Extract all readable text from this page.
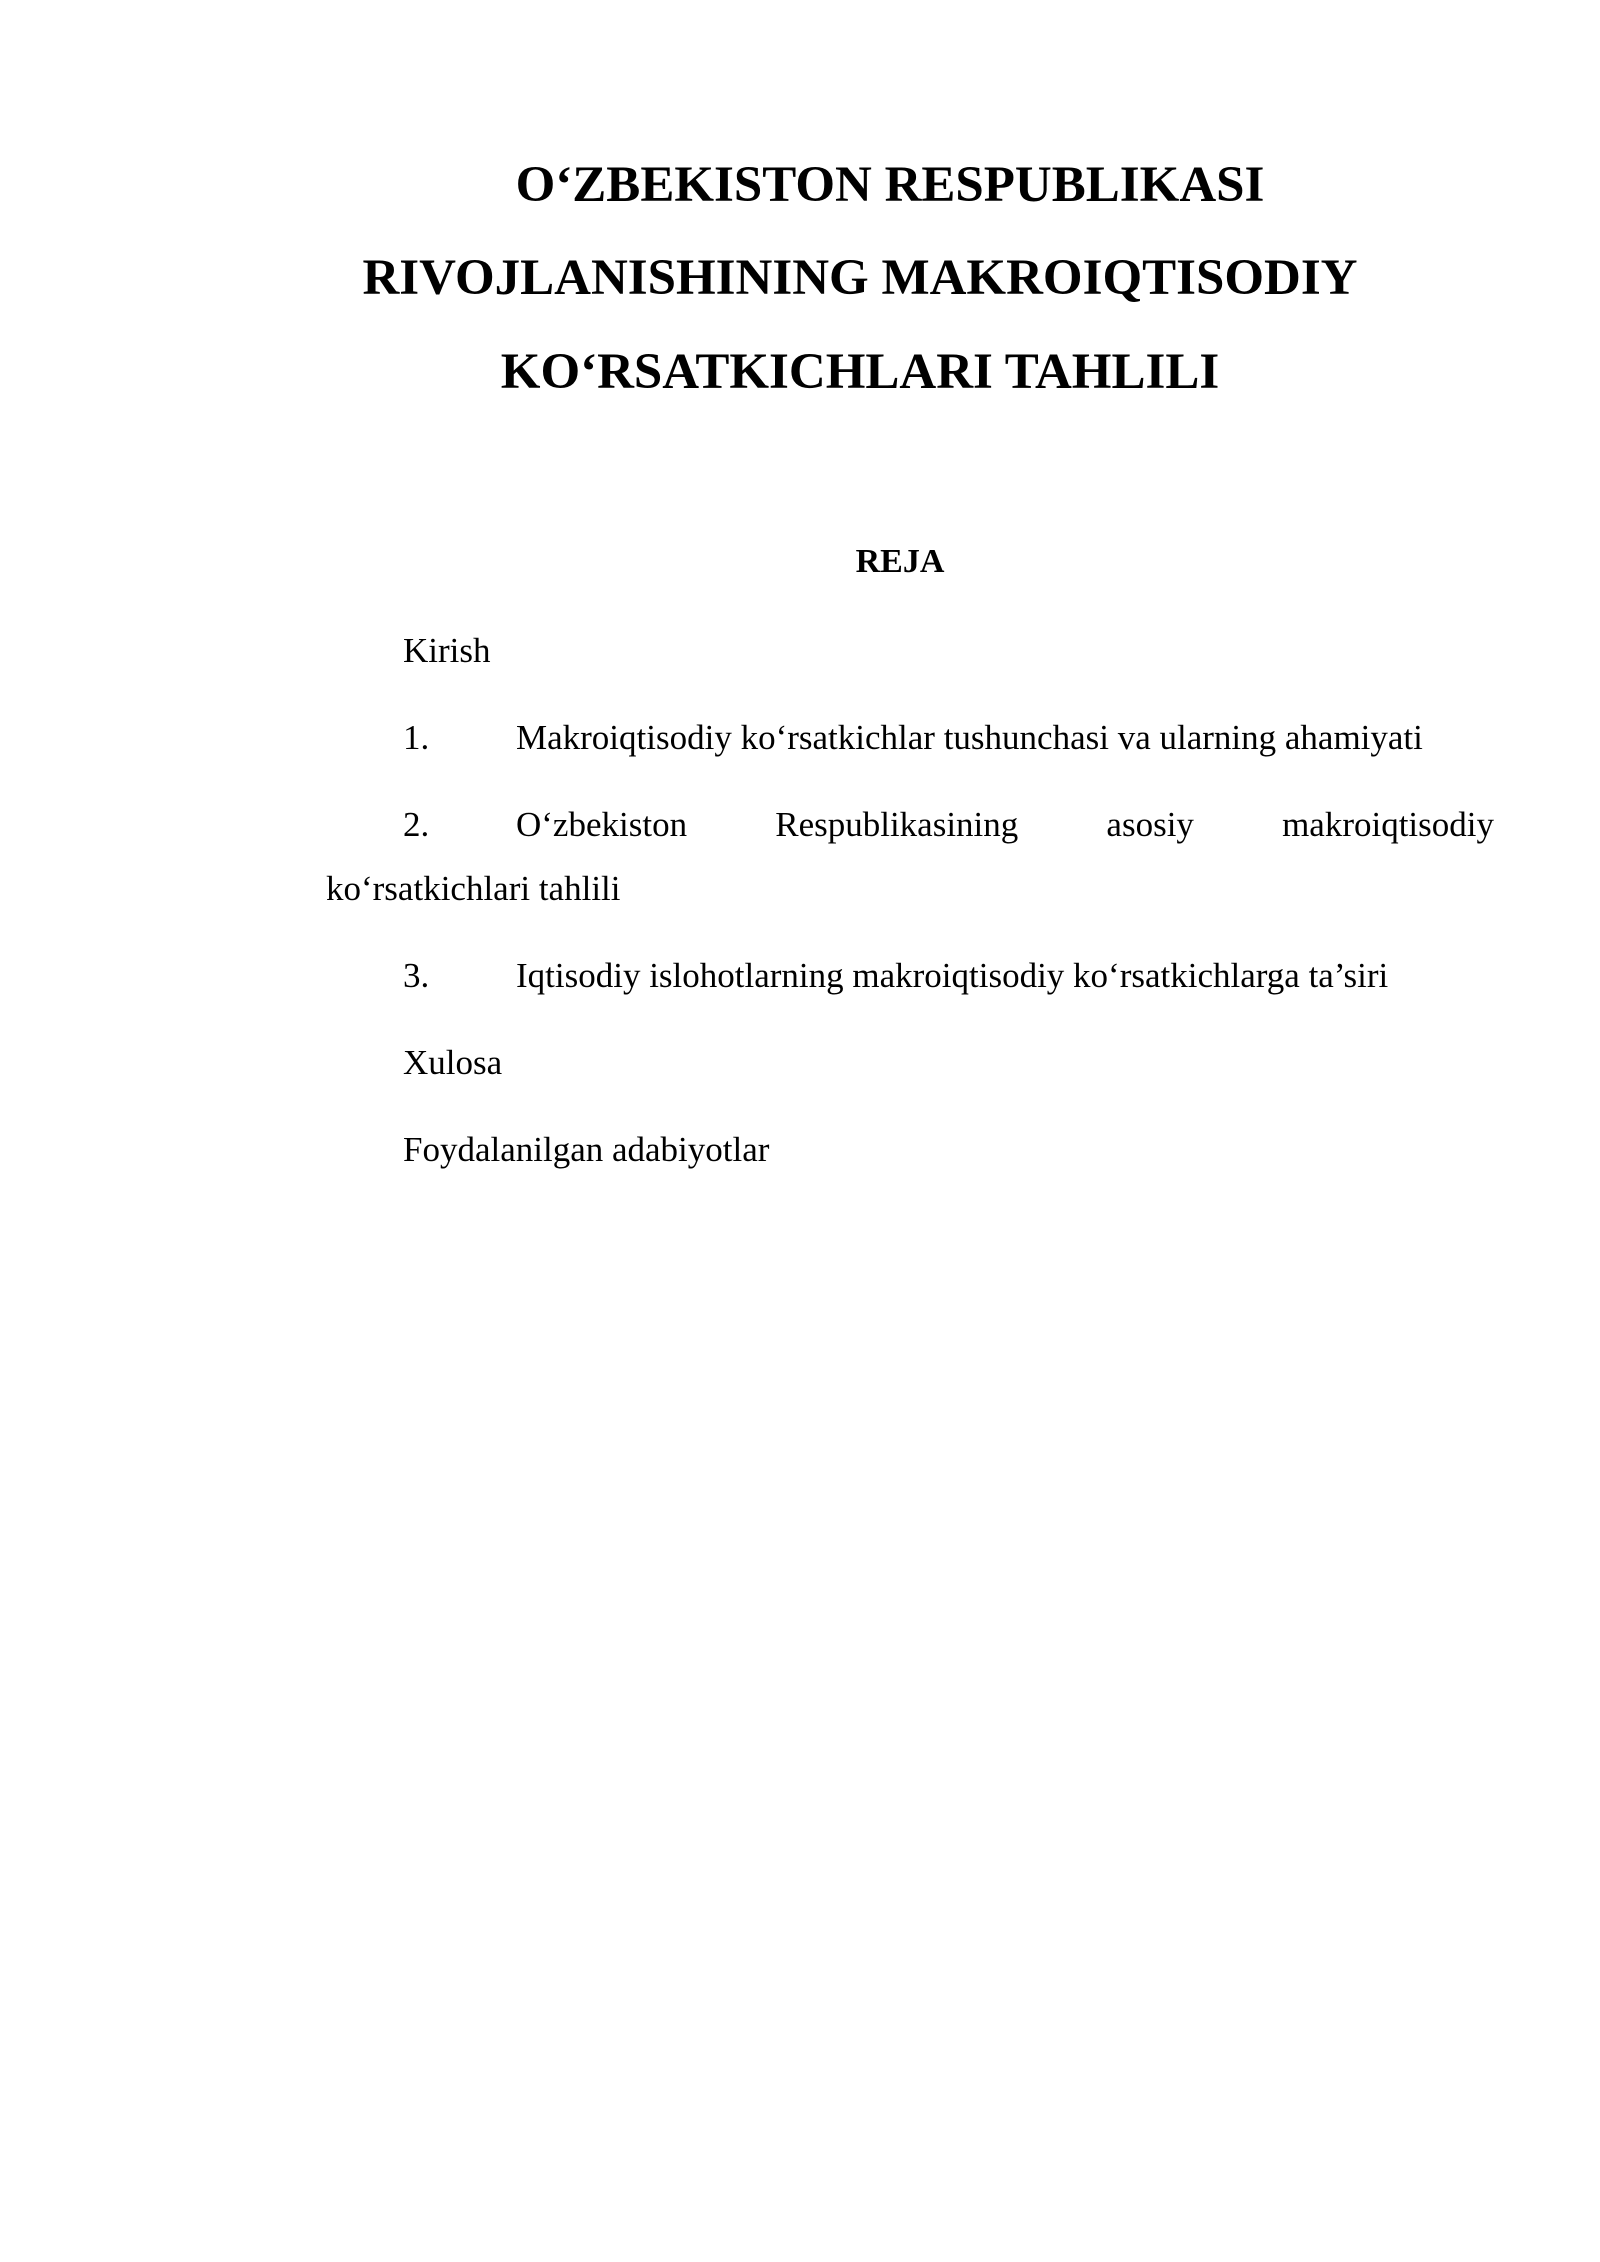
O‘ZBEKISTON RESPUBLIKASI
RIVOJLANISHINING MAKROIQTISODIY
KO‘RSATKICHLARI TAHLILI
REJA
Kirish
1. Makroiqtisodiy ko‘rsatkichlar tushunchasi va ularning ahamiyati
2. O‘zbekiston	Respublikasining	asosiy	makroiqtisodiy
ko‘rsatkichlari tahlili
3. Iqtisodiy islohotlarning makroiqtisodiy ko‘rsatkichlarga ta’siri
Xulosa
Foydalanilgan adabiyotlar
